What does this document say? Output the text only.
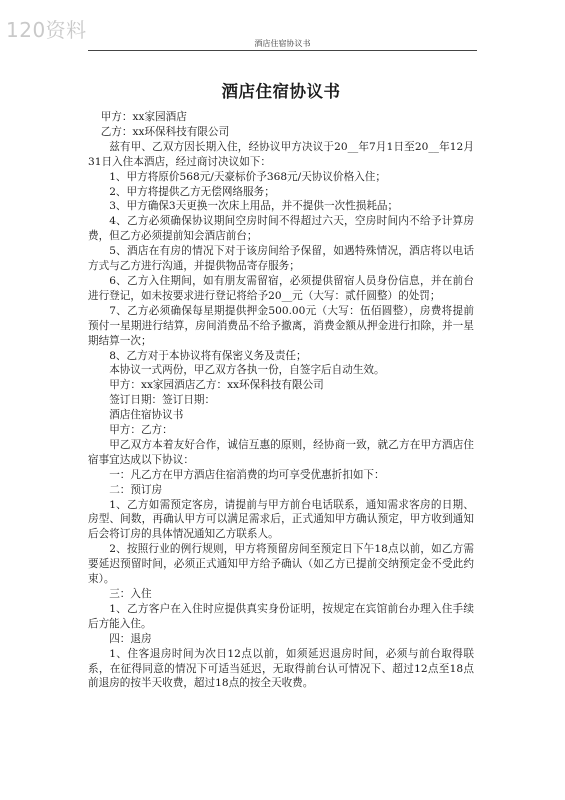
120资料
酒店住宿协议书
酒店住宿协议书

甲方：xx家园酒店

乙方：xx环保科技有限公司

兹有甲、乙双方因长期入住，经协议甲方决议于20__年7月1日至20__年12月31日入住本酒店，经过商讨决议如下：

1、甲方将原价568元/天豪标价予368元/天协议价格入住；

2、甲方将提供乙方无偿网络服务；

3、甲方确保3天更换一次床上用品，并不提供一次性损耗品；

4、乙方必须确保协议期间空房时间不得超过六天，空房时间内不给予计算房费，但乙方必须提前知会酒店前台；

5、酒店在有房的情况下对于该房间给予保留，如遇特殊情况，酒店将以电话方式与乙方进行沟通，并提供物品寄存服务；

6、乙方入住期间，如有朋友需留宿，必须提供留宿人员身份信息，并在前台进行登记，如未按要求进行登记将给予20__元（大写：贰仟圆整）的处罚；

7、乙方必须确保每星期提供押金500.00元（大写：伍佰圆整），房费将提前预付一星期进行结算，房间消费品不给予撤离，消费金额从押金进行扣除，并一星期结算一次；

8、乙方对于本协议将有保密义务及责任；

本协议一式两份，甲乙双方各执一份，自签字后自动生效。

甲方：xx家园酒店乙方：xx环保科技有限公司

签订日期：签订日期：

酒店住宿协议书

甲方：乙方：

甲乙双方本着友好合作，诚信互惠的原则，经协商一致，就乙方在甲方酒店住宿事宜达成以下协议：

一：凡乙方在甲方酒店住宿消费的均可享受优惠折扣如下：

二：预订房

1、乙方如需预定客房，请提前与甲方前台电话联系，通知需求客房的日期、房型、间数，再确认甲方可以满足需求后，正式通知甲方确认预定，甲方收到通知后会将订房的具体情况通知乙方联系人。

2、按照行业的例行规则，甲方将预留房间至预定日下午18点以前，如乙方需要延迟预留时间，必须正式通知甲方给予确认（如乙方已提前交纳预定金不受此约束）。

三：入住

1、乙方客户在入住时应提供真实身份证明，按规定在宾馆前台办理入住手续后方能入住。

四：退房

1、住客退房时间为次日12点以前，如须延迟退房时间，必须与前台取得联系，在征得同意的情况下可适当延迟，无取得前台认可情况下、超过12点至18点前退房的按半天收费，超过18点的按全天收费。
